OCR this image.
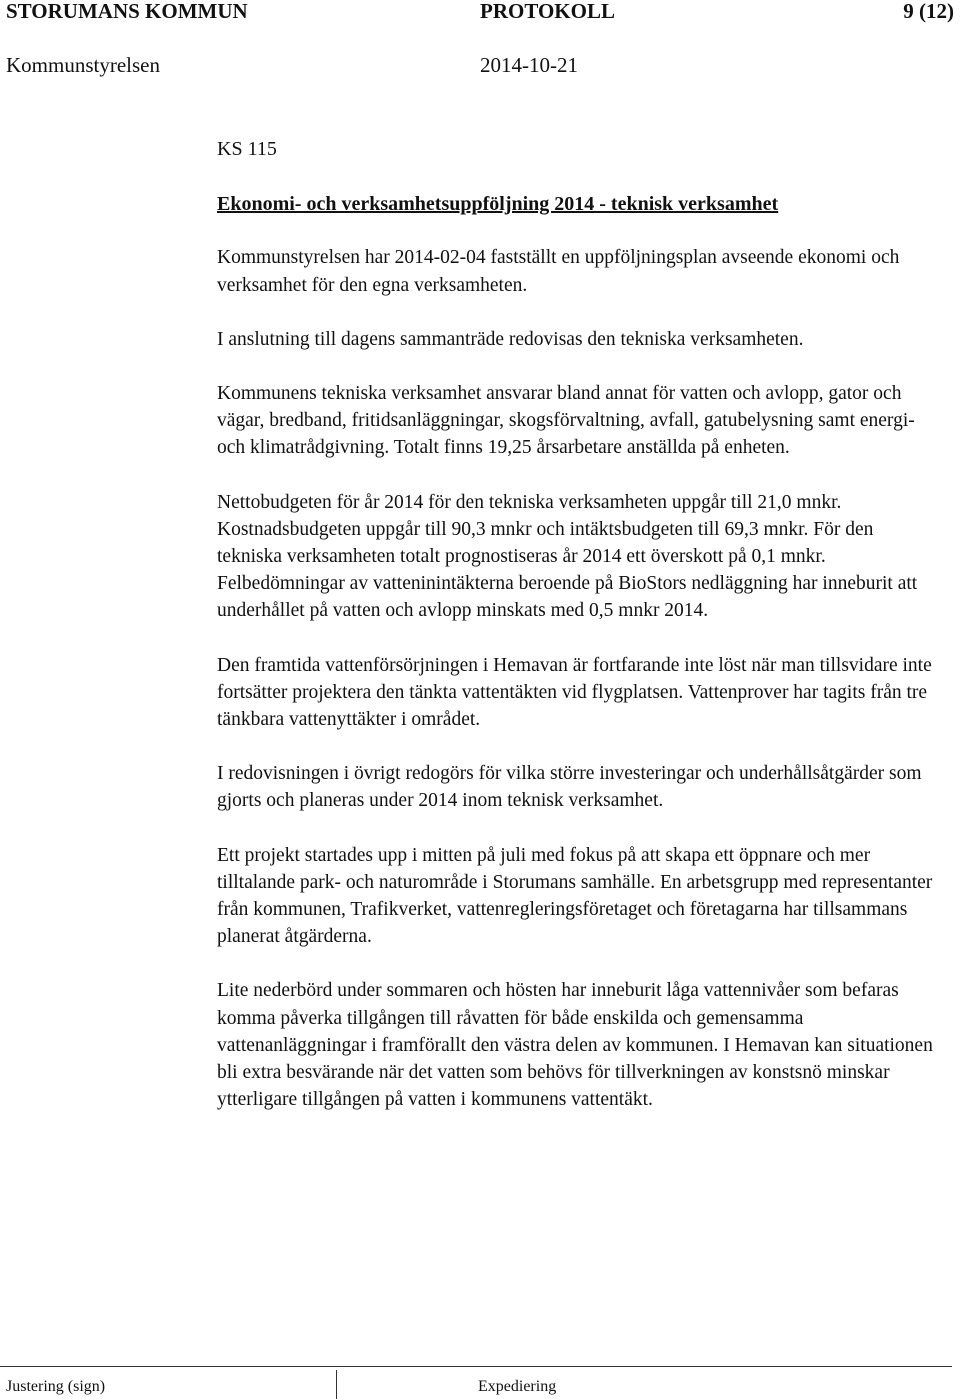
STORUMANS KOMMUN	PROTOKOLL	9 (12)
Kommunstyrelsen	2014-10-21
KS 115
Ekonomi- och verksamhetsuppföljning 2014 - teknisk verksamhet

Kommunstyrelsen har 2014-02-04 fastställt en uppföljningsplan avseende ekonomi och verksamhet för den egna verksamheten.

I anslutning till dagens sammanträde redovisas den tekniska verksamheten.

Kommunens tekniska verksamhet ansvarar bland annat för vatten och avlopp, gator och vägar, bredband, fritidsanläggningar, skogsförvaltning, avfall, gatubelysning samt energi- och klimatrådgivning. Totalt finns 19,25 årsarbetare anställda på enheten.

Nettobudgeten för år 2014 för den tekniska verksamheten uppgår till 21,0 mnkr. Kostnadsbudgeten uppgår till 90,3 mnkr och intäktsbudgeten till 69,3 mnkr. För den tekniska verksamheten totalt prognostiseras år 2014 ett överskott på 0,1 mnkr. Felbedömningar av vatteninintäkterna beroende på BioStors nedläggning har inneburit att underhållet på vatten och avlopp minskats med 0,5 mnkr 2014.

Den framtida vattenförsörjningen i Hemavan är fortfarande inte löst när man tillsvidare inte fortsätter projektera den tänkta vattentäkten vid flygplatsen. Vattenprover har tagits från tre tänkbara vattenyttäkter i området.

I redovisningen i övrigt redogörs för vilka större investeringar och underhållsåtgärder som gjorts och planeras under 2014 inom teknisk verksamhet.

Ett projekt startades upp i mitten på juli med fokus på att skapa ett öppnare och mer tilltalande park- och naturområde i Storumans samhälle. En arbetsgrupp med representanter från kommunen, Trafikverket, vattenregleringsföretaget och företagarna har tillsammans planerat åtgärderna.

Lite nederbörd under sommaren och hösten har inneburit låga vattennivåer som befaras komma påverka tillgången till råvatten för både enskilda och gemensamma vattenanläggningar i framförallt den västra delen av kommunen. I Hemavan kan situationen bli extra besvärande när det vatten som behövs för tillverkningen av konstsnö minskar ytterligare tillgången på vatten i kommunens vattentäkt.

Justering (sign)	Expediering
